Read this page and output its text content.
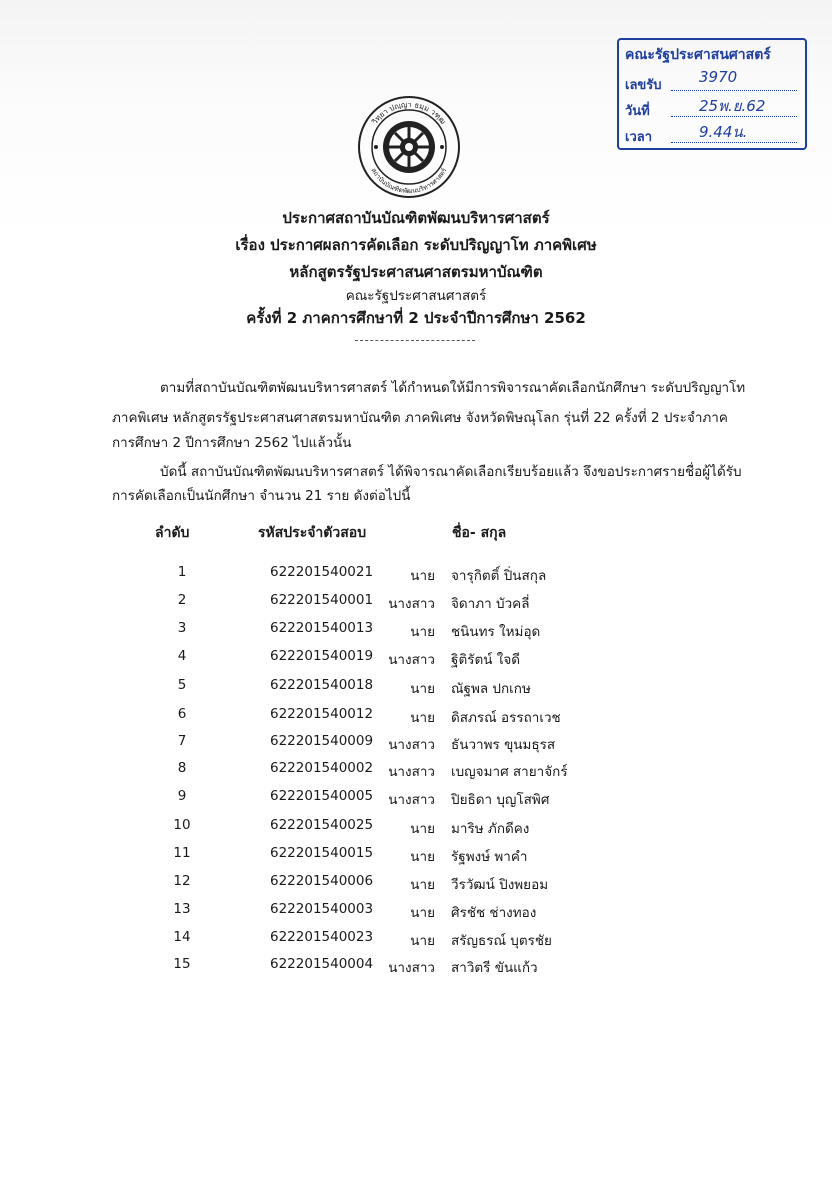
คณะรัฐประศาสนศาสตร์
เลขรับ 3970
วันที่	25พ.ย.62
เวลา	9.44น.
วิทฺยา ปญฺญา ธมฺม วฑฺฒ
สถาบันบัณฑิตพัฒนบริหารศาสตร์
ประกาศสถาบันบัณฑิตพัฒนบริหารศาสตร์
เรื่อง ประกาศผลการคัดเลือก ระดับปริญญาโท ภาคพิเศษ
หลักสูตรรัฐประศาสนศาสตรมหาบัณฑิต
คณะรัฐประศาสนศาสตร์
ครั้งที่ 2 ภาคการศึกษาที่ 2 ประจำปีการศึกษา 2562
ตามที่สถาบันบัณฑิตพัฒนบริหารศาสตร์ ได้กำหนดให้มีการพิจารณาคัดเลือกนักศึกษา ระดับปริญญาโท
ภาคพิเศษ หลักสูตรรัฐประศาสนศาสตรมหาบัณฑิต ภาคพิเศษ จังหวัดพิษณุโลก รุ่นที่ 22 ครั้งที่ 2 ประจำภาค
การศึกษา 2 ปีการศึกษา 2562 ไปแล้วนั้น
บัดนี้ สถาบันบัณฑิตพัฒนบริหารศาสตร์ ได้พิจารณาคัดเลือกเรียบร้อยแล้ว จึงขอประกาศรายชื่อผู้ได้รับ
การคัดเลือกเป็นนักศึกษา จำนวน 21 ราย ดังต่อไปนี้
ลำดับ	รหัสประจำตัวสอบ	ชื่อ- สกุล
1	622201540021	นาย จารุกิตติ์ ปิ่นสกุล
2	622201540001	นางสาว จิดาภา บัวคลี่
3	622201540013	นาย ชนินทร ใหม่อุด
4	622201540019	นางสาว ฐิติรัตน์ ใจดี
5	622201540018	นาย ณัฐพล ปกเกษ
6	622201540012	นาย ดิสภรณ์ อรรถาเวช
7	622201540009	นางสาว ธันวาพร ขุนมธุรส
8	622201540002	นางสาว เบญจมาศ สายาจักร์
9	622201540005	นางสาว ปิยธิดา บุญโสพิศ
10	622201540025	นาย มาริษ ภักดีคง
11	622201540015	นาย รัฐพงษ์ พาคำ
12	622201540006	นาย วีรวัฒน์ ปิงพยอม
13	622201540003	นาย ศิรชัช ช่างทอง
14	622201540023	นาย สรัญธรณ์ บุตรชัย
15	622201540004	นางสาว สาวิตรี ขันแก้ว
